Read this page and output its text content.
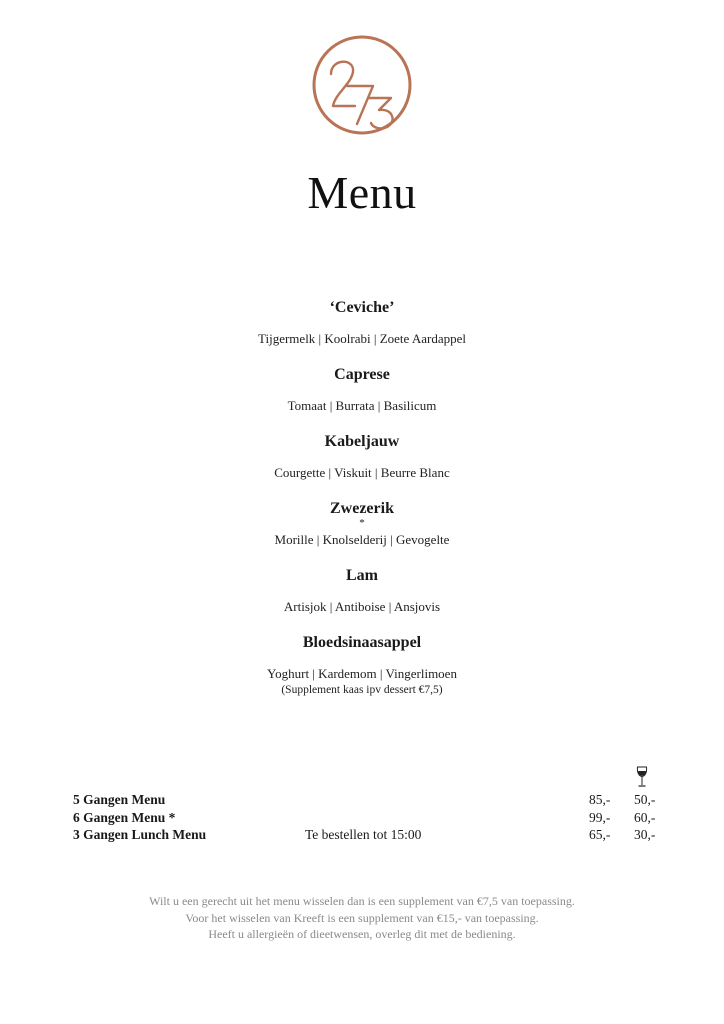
Menu
‘Ceviche’
Tijgermelk | Koolrabi | Zoete Aardappel
Caprese
Tomaat | Burrata | Basilicum
Kabeljauw
Courgette | Viskuit | Beurre Blanc
Zwezerik
*
Morille | Knolselderij | Gevogelte
Lam
Artisjok | Antiboise | Ansjovis
Bloedsinaasappel
Yoghurt | Kardemom | Vingerlimoen
(Supplement kaas ipv dessert €7,5)
5 Gangen Menu	85,- 50,-
6 Gangen Menu *	99,- 60,-
3 Gangen Lunch Menu	Te bestellen tot 15:00	65,- 30,-
Wilt u een gerecht uit het menu wisselen dan is een supplement van €7,5 van toepassing.
Voor het wisselen van Kreeft is een supplement van €15,- van toepassing.
Heeft u allergieën of dieetwensen, overleg dit met de bediening.
